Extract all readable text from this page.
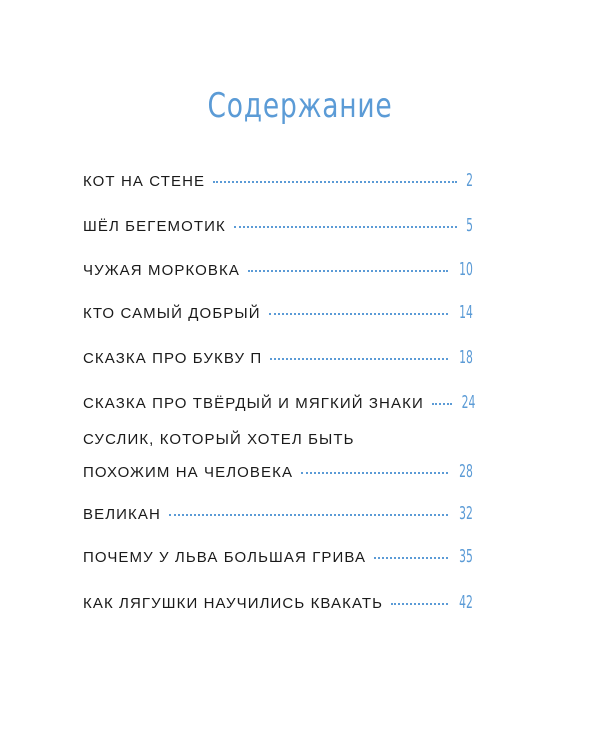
Содержание
КОТ НА СТЕНЕ	2
ШЁЛ БЕГЕМОТИК	5
ЧУЖАЯ МОРКОВКА	10
КТО САМЫЙ ДОБРЫЙ	14
СКАЗКА ПРО БУКВУ П	18
СКАЗКА ПРО ТВЁРДЫЙ И МЯГКИЙ ЗНАКИ 24
СУСЛИК, КОТОРЫЙ ХОТЕЛ БЫТЬ
ПОХОЖИМ НА ЧЕЛОВЕКА	28
ВЕЛИКАН	32
ПОЧЕМУ У ЛЬВА БОЛЬШАЯ ГРИВА	35
КАК ЛЯГУШКИ НАУЧИЛИСЬ КВАКАТЬ	42
